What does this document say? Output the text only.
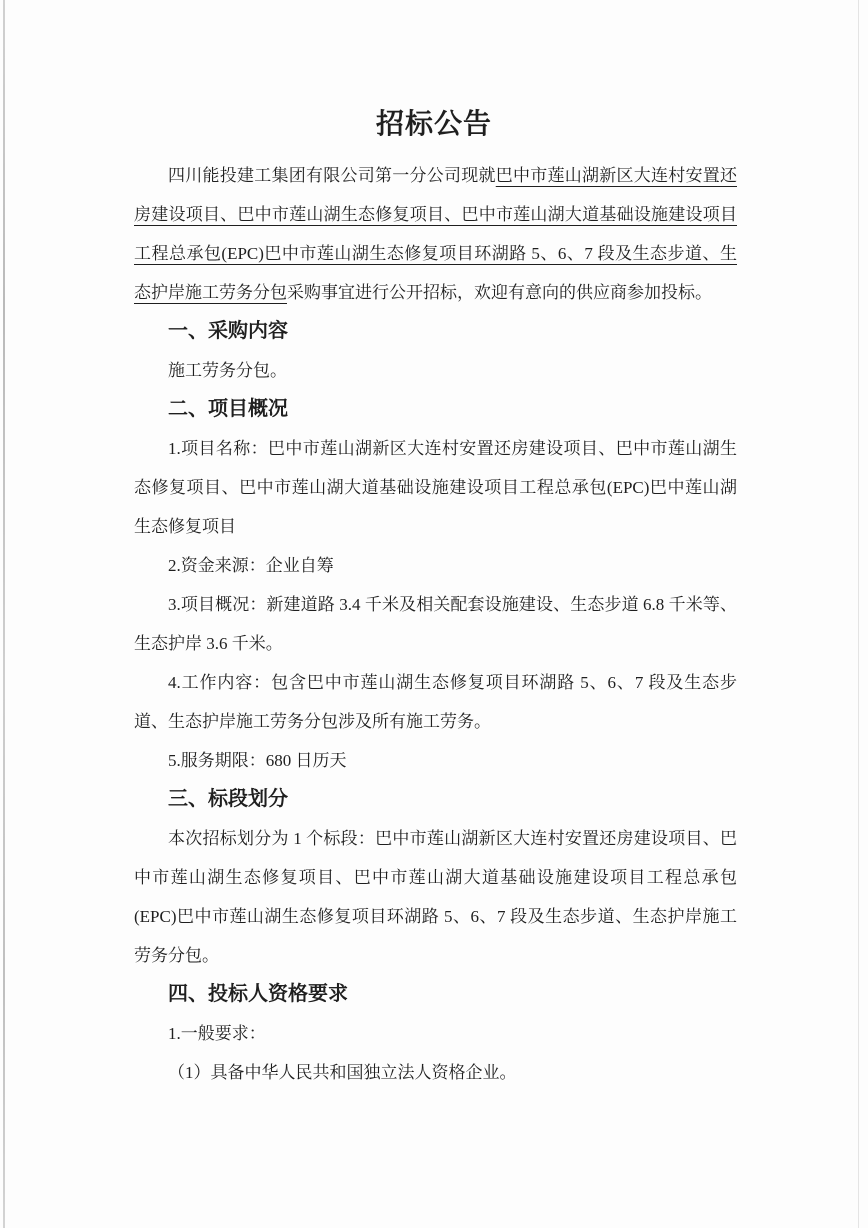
招标公告

四川能投建工集团有限公司第一分公司现就巴中市莲山湖新区大连村安置还房建设项目、巴中市莲山湖生态修复项目、巴中市莲山湖大道基础设施建设项目工程总承包(EPC)巴中市莲山湖生态修复项目环湖路 5、6、7 段及生态步道、生态护岸施工劳务分包采购事宜进行公开招标，欢迎有意向的供应商参加投标。

一、采购内容

施工劳务分包。

二、项目概况

1.项目名称：巴中市莲山湖新区大连村安置还房建设项目、巴中市莲山湖生态修复项目、巴中市莲山湖大道基础设施建设项目工程总承包(EPC)巴中莲山湖生态修复项目

2.资金来源：企业自筹

3.项目概况：新建道路 3.4 千米及相关配套设施建设、生态步道 6.8 千米等、生态护岸 3.6 千米。

4.工作内容：包含巴中市莲山湖生态修复项目环湖路 5、6、7 段及生态步道、生态护岸施工劳务分包涉及所有施工劳务。

5.服务期限：680 日历天

三、标段划分

本次招标划分为 1 个标段：巴中市莲山湖新区大连村安置还房建设项目、巴中市莲山湖生态修复项目、巴中市莲山湖大道基础设施建设项目工程总承包(EPC)巴中市莲山湖生态修复项目环湖路 5、6、7 段及生态步道、生态护岸施工劳务分包。

四、投标人资格要求

1.一般要求：

（1）具备中华人民共和国独立法人资格企业。
